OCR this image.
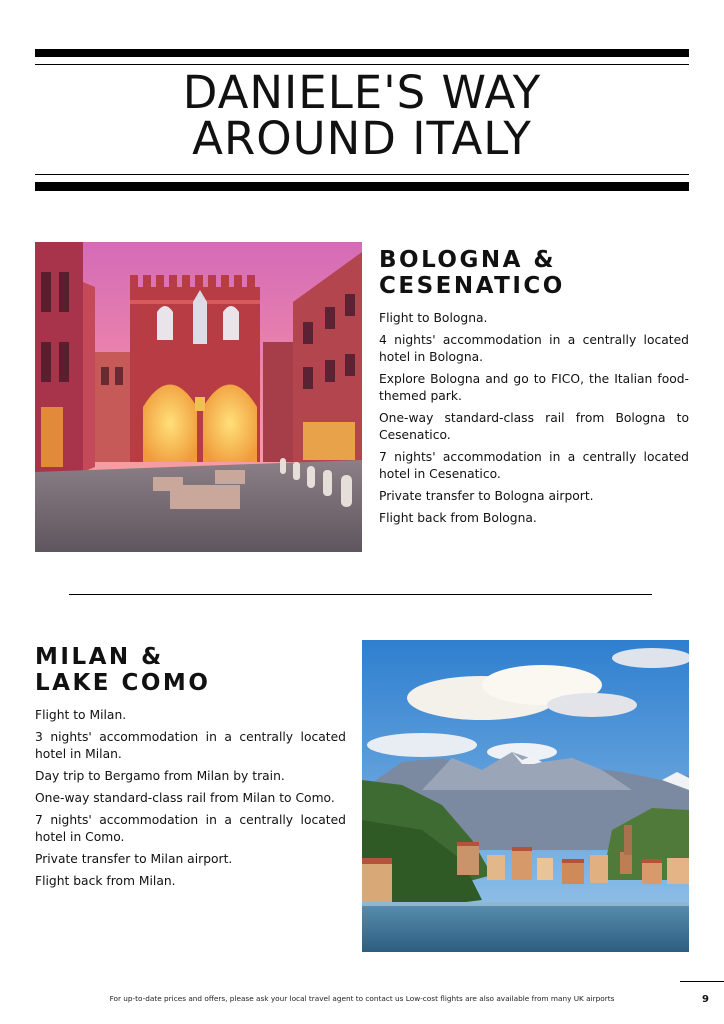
DANIELE'S WAY
AROUND ITALY
BOLOGNA &
CESENATICO

Flight to Bologna.

4 nights' accommodation in a centrally located hotel in Bologna.

Explore Bologna and go to FICO, the Italian food-themed park.

One-way standard-class rail from Bologna to Cesenatico.

7 nights' accommodation in a centrally located hotel in Cesenatico.

Private transfer to Bologna airport.

Flight back from Bologna.

MILAN &
LAKE COMO

Flight to Milan.

3 nights' accommodation in a centrally located hotel in Milan.

Day trip to Bergamo from Milan by train.

One-way standard-class rail from Milan to Como.

7 nights' accommodation in a centrally located hotel in Como.

Private transfer to Milan airport.

Flight back from Milan.

For up-to-date prices and offers, please ask your local travel agent to contact us Low-cost flights are also available from many UK airports	9
